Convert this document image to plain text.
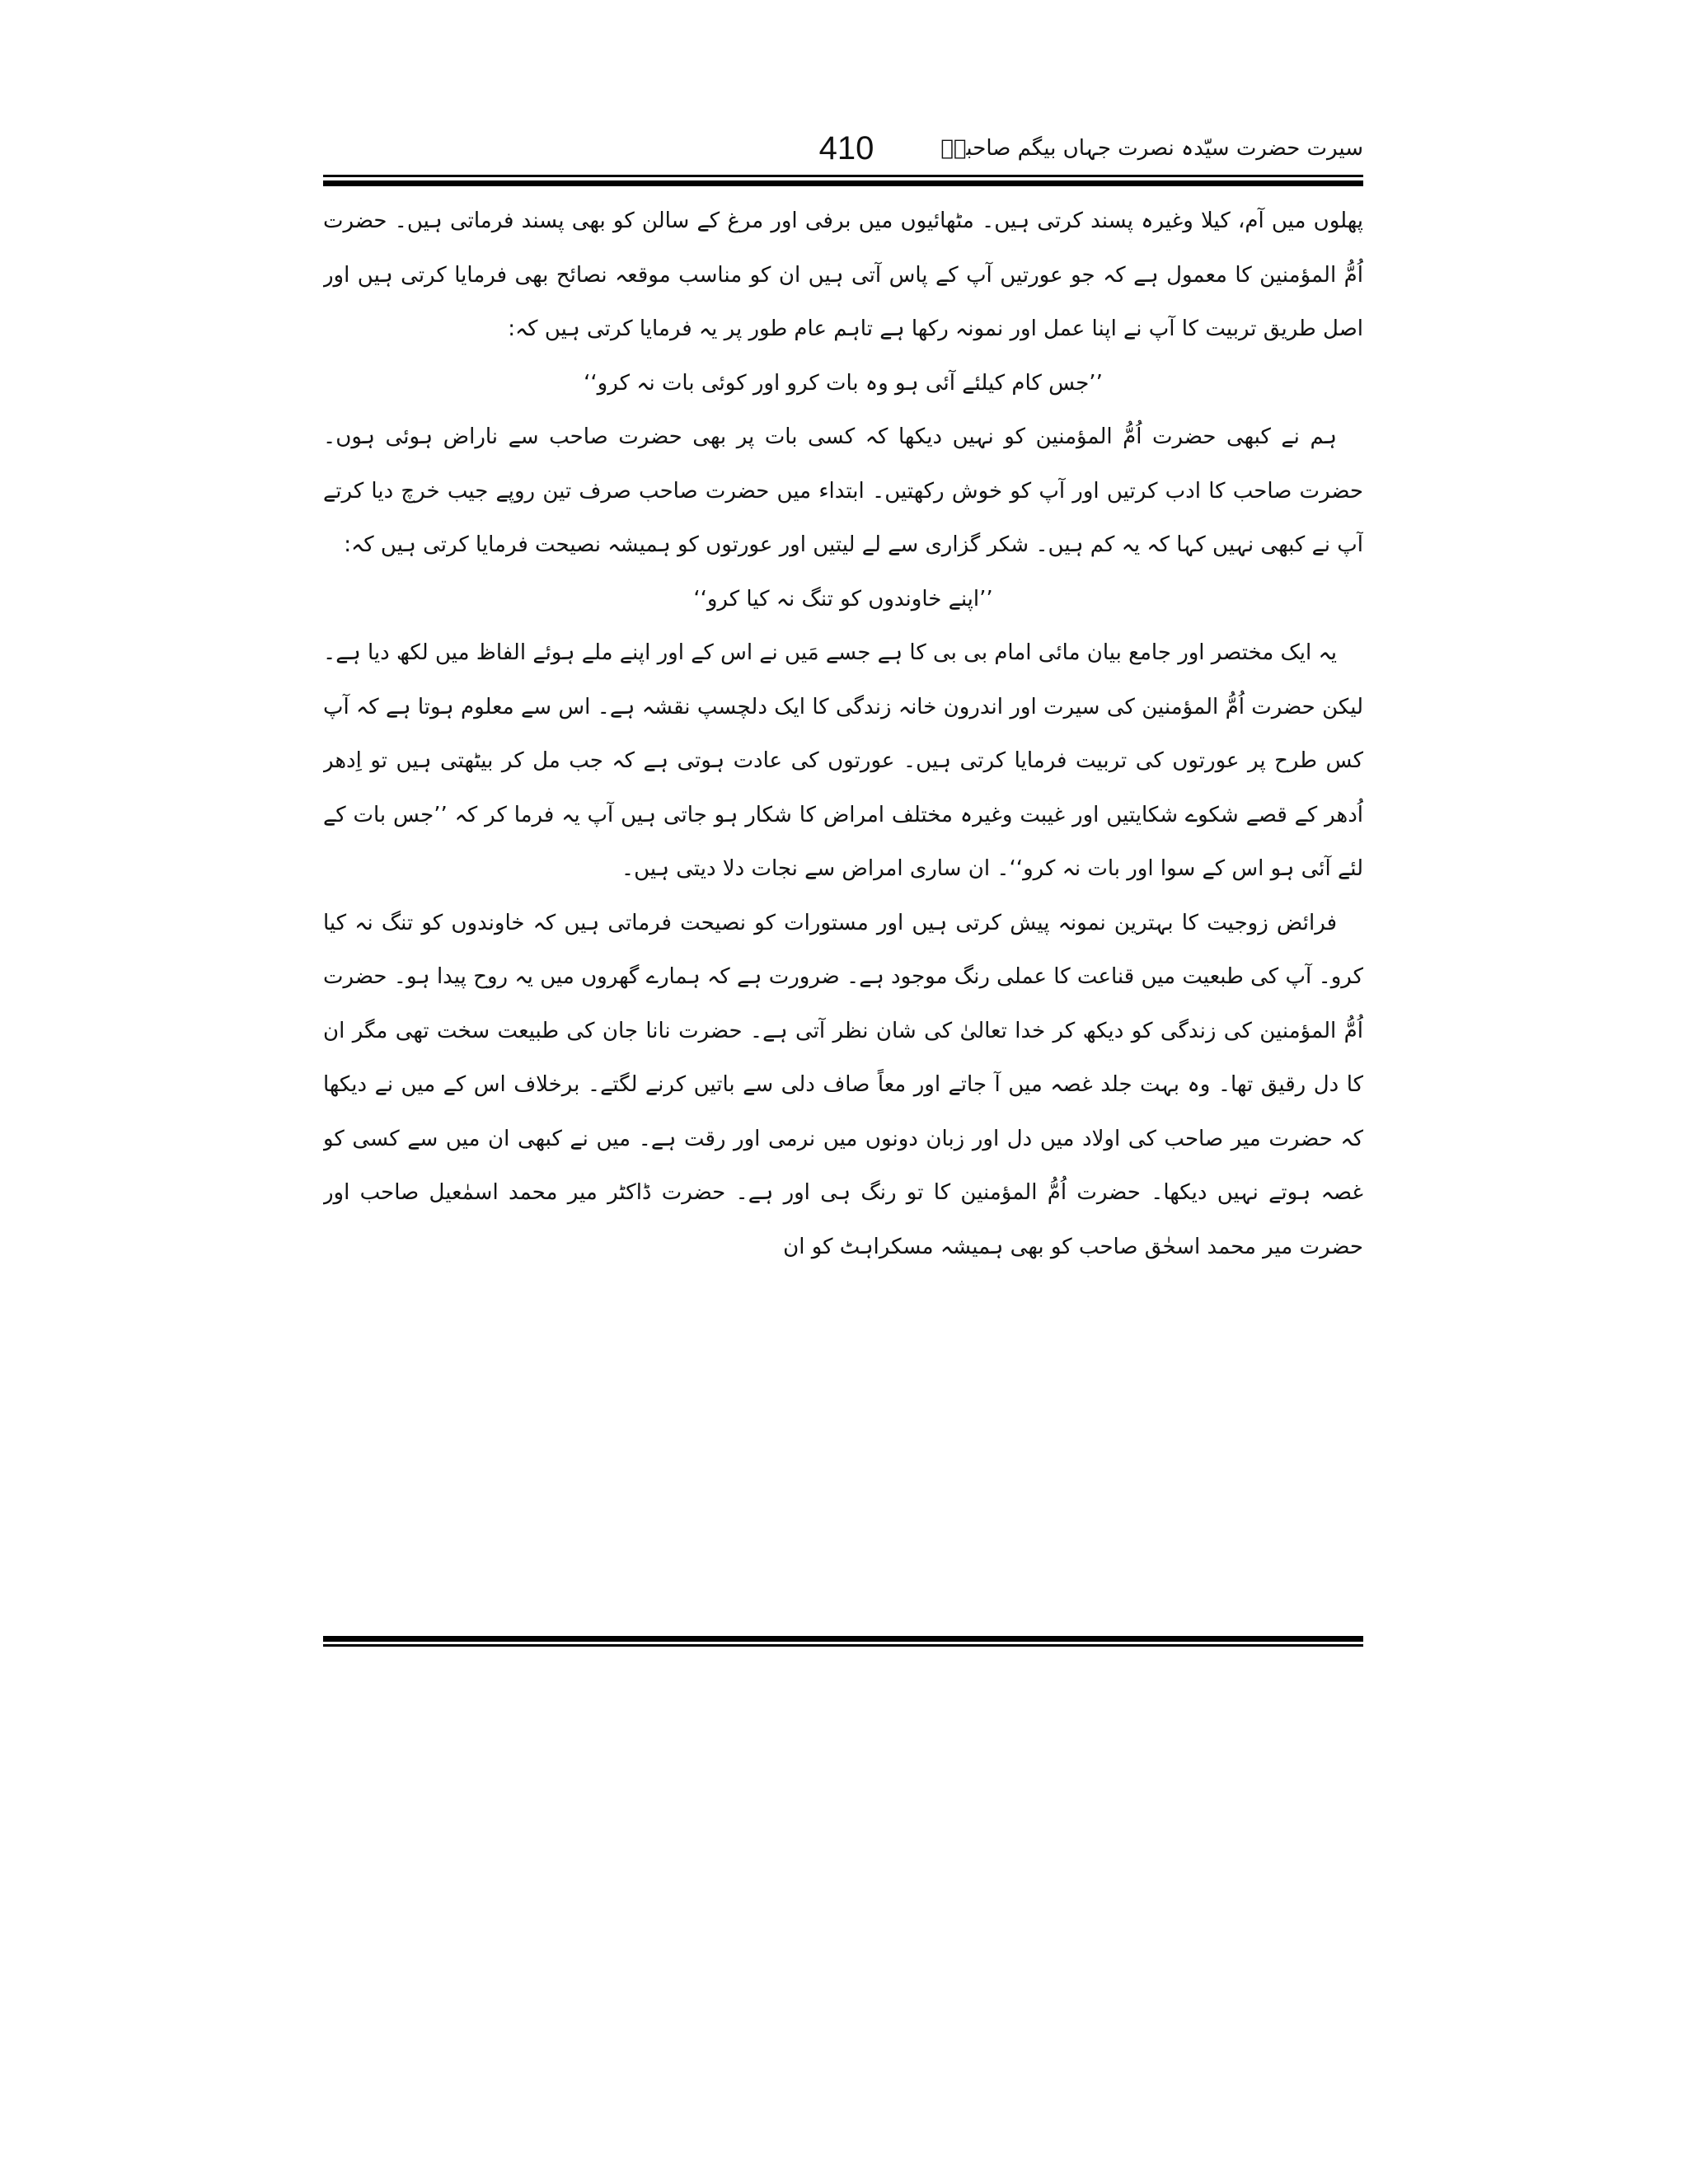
410	سیرت حضرت سیّدہ نصرت جہاں بیگم صاحبہؓ

پھلوں میں آم، کیلا وغیرہ پسند کرتی ہیں۔ مٹھائیوں میں برفی اور مرغ کے سالن کو بھی پسند فرماتی ہیں۔ حضرت اُمُّ المؤمنین کا معمول ہے کہ جو عورتیں آپ کے پاس آتی ہیں ان کو مناسب موقعہ نصائح بھی فرمایا کرتی ہیں اور اصل طریق تربیت کا آپ نے اپنا عمل اور نمونہ رکھا ہے تاہم عام طور پر یہ فرمایا کرتی ہیں کہ:

’’جس کام کیلئے آئی ہو وہ بات کرو اور کوئی بات نہ کرو‘‘

ہم نے کبھی حضرت اُمُّ المؤمنین کو نہیں دیکھا کہ کسی بات پر بھی حضرت صاحب سے ناراض ہوئی ہوں۔ حضرت صاحب کا ادب کرتیں اور آپ کو خوش رکھتیں۔ ابتداء میں حضرت صاحب صرف تین روپے جیب خرچ دیا کرتے آپ نے کبھی نہیں کہا کہ یہ کم ہیں۔ شکر گزاری سے لے لیتیں اور عورتوں کو ہمیشہ نصیحت فرمایا کرتی ہیں کہ:

’’اپنے خاوندوں کو تنگ نہ کیا کرو‘‘

یہ ایک مختصر اور جامع بیان مائی امام بی بی کا ہے جسے مَیں نے اس کے اور اپنے ملے ہوئے الفاظ میں لکھ دیا ہے۔ لیکن حضرت اُمُّ المؤمنین کی سیرت اور اندرون خانہ زندگی کا ایک دلچسپ نقشہ ہے۔ اس سے معلوم ہوتا ہے کہ آپ کس طرح پر عورتوں کی تربیت فرمایا کرتی ہیں۔ عورتوں کی عادت ہوتی ہے کہ جب مل کر بیٹھتی ہیں تو اِدھر اُدھر کے قصے شکوے شکایتیں اور غیبت وغیرہ مختلف امراض کا شکار ہو جاتی ہیں آپ یہ فرما کر کہ ’’جس بات کے لئے آئی ہو اس کے سوا اور بات نہ کرو‘‘۔ ان ساری امراض سے نجات دلا دیتی ہیں۔

فرائض زوجیت کا بہترین نمونہ پیش کرتی ہیں اور مستورات کو نصیحت فرماتی ہیں کہ خاوندوں کو تنگ نہ کیا کرو۔ آپ کی طبعیت میں قناعت کا عملی رنگ موجود ہے۔ ضرورت ہے کہ ہمارے گھروں میں یہ روح پیدا ہو۔ حضرت اُمُّ المؤمنین کی زندگی کو دیکھ کر خدا تعالیٰ کی شان نظر آتی ہے۔ حضرت نانا جان کی طبیعت سخت تھی مگر ان کا دل رقیق تھا۔ وہ بہت جلد غصہ میں آ جاتے اور معاً صاف دلی سے باتیں کرنے لگتے۔ برخلاف اس کے میں نے دیکھا کہ حضرت میر صاحب کی اولاد میں دل اور زبان دونوں میں نرمی اور رقت ہے۔ میں نے کبھی ان میں سے کسی کو غصہ ہوتے نہیں دیکھا۔ حضرت اُمُّ المؤمنین کا تو رنگ ہی اور ہے۔ حضرت ڈاکٹر میر محمد اسمٰعیل صاحب اور حضرت میر محمد اسحٰق صاحب کو بھی ہمیشہ مسکراہٹ کو ان
